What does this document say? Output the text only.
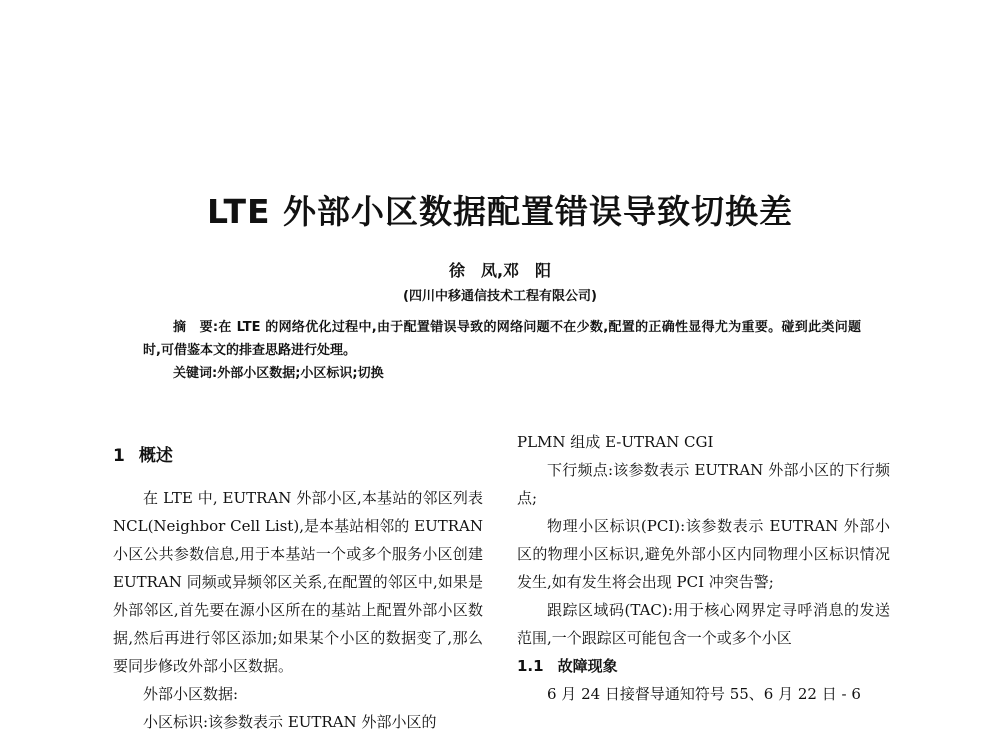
LTE 外部小区数据配置错误导致切换差
徐　凤,邓　阳
(四川中移通信技术工程有限公司)

摘　要:在 LTE 的网络优化过程中,由于配置错误导致的网络问题不在少数,配置的正确性显得尤为重要。碰到此类问题时,可借鉴本文的排查思路进行处理。

关键词:外部小区数据;小区标识;切换

1 概述

在 LTE 中, EUTRAN 外部小区,本基站的邻区列表 NCL(Neighbor Cell List),是本基站相邻的 EUTRAN 小区公共参数信息,用于本基站一个或多个服务小区创建 EUTRAN 同频或异频邻区关系,在配置的邻区中,如果是外部邻区,首先要在源小区所在的基站上配置外部小区数据,然后再进行邻区添加;如果某个小区的数据变了,那么要同步修改外部小区数据。

外部小区数据:

小区标识:该参数表示 EUTRAN 外部小区的

PLMN 组成 E-UTRAN CGI

下行频点:该参数表示 EUTRAN 外部小区的下行频点;

物理小区标识(PCI):该参数表示 EUTRAN 外部小区的物理小区标识,避免外部小区内同物理小区标识情况发生,如有发生将会出现 PCI 冲突告警;

跟踪区域码(TAC):用于核心网界定寻呼消息的发送范围,一个跟踪区可能包含一个或多个小区

1.1 故障现象

6 月 24 日接督导通知符号 55、6 月 22 日 - 6
